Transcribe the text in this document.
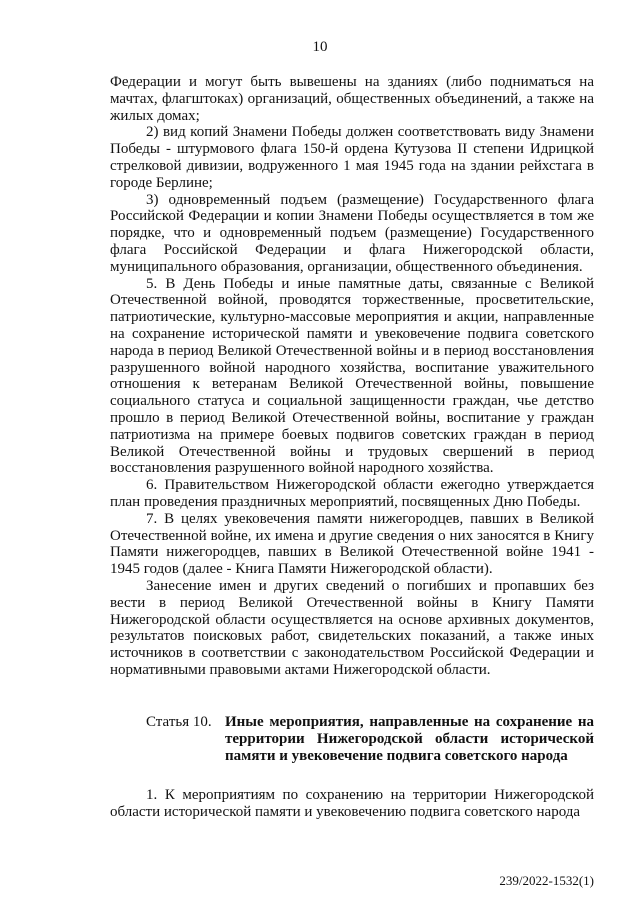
10

Федерации и могут быть вывешены на зданиях (либо подниматься на мачтах, флагштоках) организаций, общественных объединений, а также на жилых домах;

2) вид копий Знамени Победы должен соответствовать виду Знамени Победы - штурмового флага 150-й ордена Кутузова II степени Идрицкой стрелковой дивизии, водруженного 1 мая 1945 года на здании рейхстага в городе Берлине;

3) одновременный подъем (размещение) Государственного флага Российской Федерации и копии Знамени Победы осуществляется в том же порядке, что и одновременный подъем (размещение) Государственного флага Российской Федерации и флага Нижегородской области, муниципального образования, организации, общественного объединения.

5. В День Победы и иные памятные даты, связанные с Великой Отечественной войной, проводятся торжественные, просветительские, патриотические, культурно-массовые мероприятия и акции, направленные на сохранение исторической памяти и увековечение подвига советского народа в период Великой Отечественной войны и в период восстановления разрушенного войной народного хозяйства, воспитание уважительного отношения к ветеранам Великой Отечественной войны, повышение социального статуса и социальной защищенности граждан, чье детство прошло в период Великой Отечественной войны, воспитание у граждан патриотизма на примере боевых подвигов советских граждан в период Великой Отечественной войны и трудовых свершений в период восстановления разрушенного войной народного хозяйства.

6. Правительством Нижегородской области ежегодно утверждается план проведения праздничных мероприятий, посвященных Дню Победы.

7. В целях увековечения памяти нижегородцев, павших в Великой Отечественной войне, их имена и другие сведения о них заносятся в Книгу Памяти нижегородцев, павших в Великой Отечественной войне 1941 - 1945 годов (далее - Книга Памяти Нижегородской области).

Занесение имен и других сведений о погибших и пропавших без вести в период Великой Отечественной войны в Книгу Памяти Нижегородской области осуществляется на основе архивных документов, результатов поисковых работ, свидетельских показаний, а также иных источников в соответствии с законодательством Российской Федерации и нормативными правовыми актами Нижегородской области.

Статья 10. Иные мероприятия, направленные на сохранение на территории Нижегородской области исторической памяти и увековечение подвига советского народа

1. К мероприятиям по сохранению на территории Нижегородской области исторической памяти и увековечению подвига советского народа

239/2022-1532(1)
